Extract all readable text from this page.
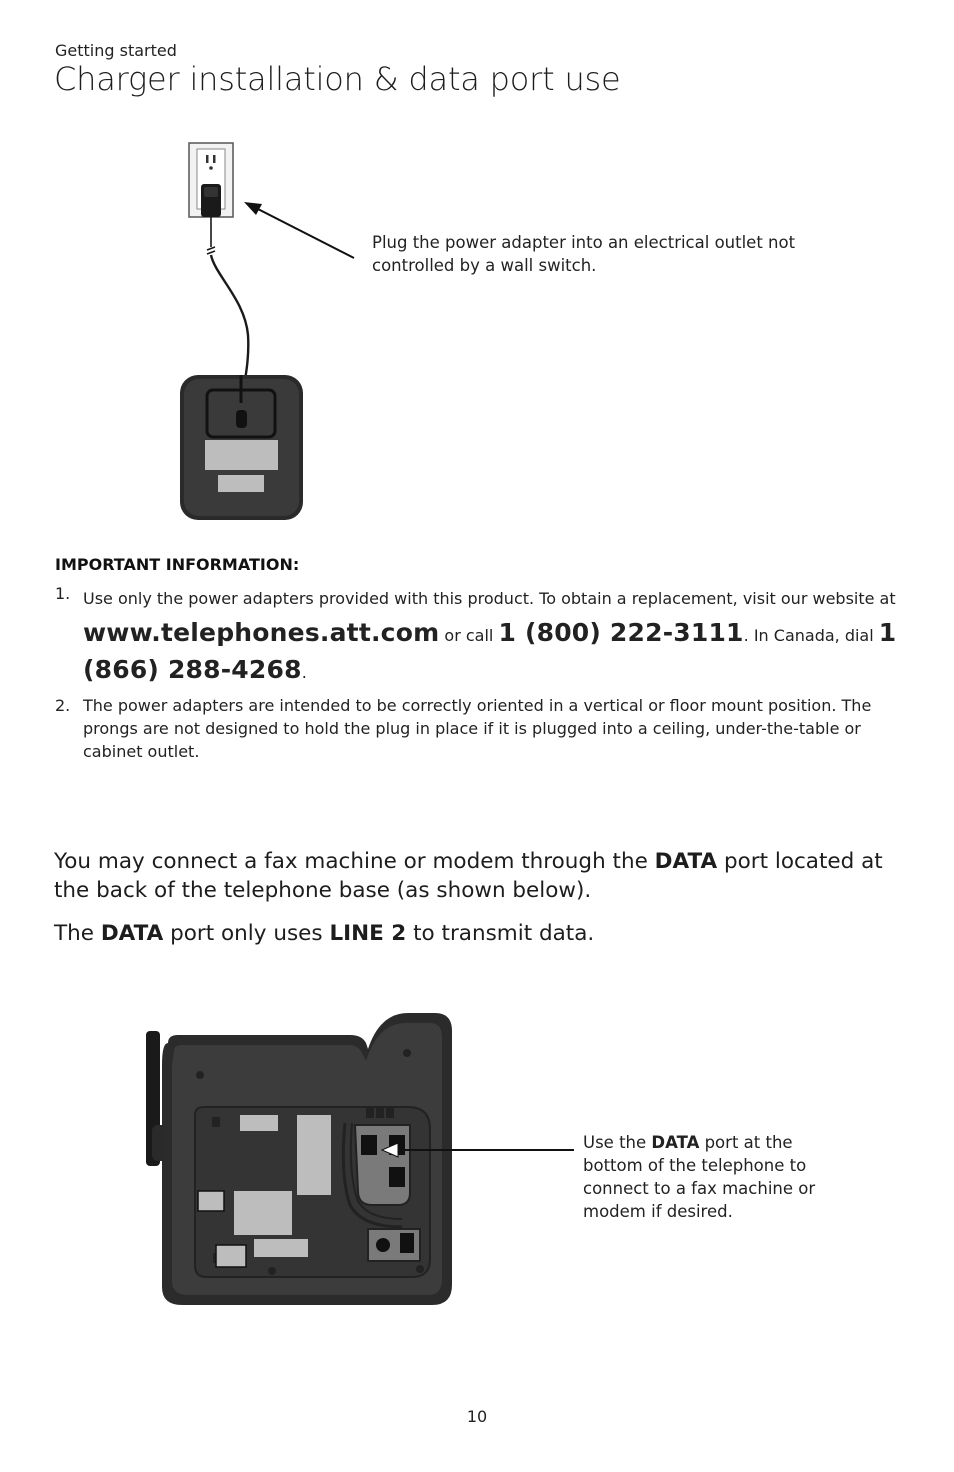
Getting started
Charger installation & data port use
Plug the power adapter into an electrical outlet not controlled by a wall switch.
IMPORTANT INFORMATION:
1. Use only the power adapters provided with this product. To obtain a replacement, visit our website at www.telephones.att.com or call 1 (800) 222-3111. In Canada, dial 1 (866) 288-4268.
2. The power adapters are intended to be correctly oriented in a vertical or floor mount position. The prongs are not designed to hold the plug in place if it is plugged into a ceiling, under-the-table or cabinet outlet.
You may connect a fax machine or modem through the DATA port located at the back of the telephone base (as shown below).
The DATA port only uses LINE 2 to transmit data.
Use the DATA port at the bottom of the telephone to connect to a fax machine or modem if desired.
10
